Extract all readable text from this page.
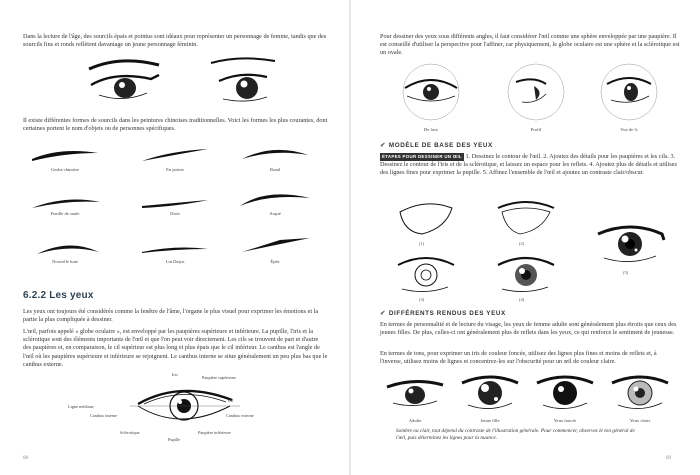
Dans la lecture de l'âge, des sourcils épais et pointus sont idéaux pour représenter un personnage de femme, tandis que des sourcils fins et ronds reflètent davantage un jeune personnage féminin.

Il existe différentes formes de sourcils dans les peintures chinoises traditionnelles. Voici les formes les plus courantes, dont certaines portent le nom d'objets ou de personnes spécifiques.

Gesha chinoise	En pointe	Rond
Feuille de saule	Droit	Arqué
Nouvelle lune	Lin Daiyu	Épée
6.2.2 Les yeux

Les yeux ont toujours été considérés comme la fenêtre de l'âme, l'organe le plus visuel pour exprimer les émotions et la partie la plus compliquée à dessiner.

L'œil, parfois appelé « globe oculaire », est enveloppé par les paupières supérieure et inférieure. La pupille, l'iris et la sclérotique sont des éléments importants de l'œil et que l'on peut voir directement. Les cils se trouvent de part et d'autre des paupières et, en comparaison, le cil supérieur est plus long et plus épais que le cil inférieur. Le canthus est l'angle de l'œil où les paupières supérieure et inférieure se rejoignent. Le canthus interne se situe généralement un peu plus bas que le canthus externe.

Iris
Paupière supérieure
Cil
Ligne médiane
Canthus interne	Canthus externe
Sclérotique	Paupière inférieure
Pupille
68

Pour dessiner des yeux sous différents angles, il faut considérer l'œil comme une sphère enveloppée par une paupière. Il est conseillé d'utiliser la perspective pour l'affiner, car physiquement, le globe oculaire est une sphère et la sclérotique est un ovale.

De face	Profil	Vue de ¾
✔ MODÈLE DE BASE DES YEUX

ÉTAPES POUR DESSINER UN ŒIL 1. Dessinez le contour de l'œil. 2. Ajoutez des détails pour les paupières et les cils. 3. Dessinez le contour de l'iris et de la sclérotique, et laissez un espace pour les reflets. 4. Ajoutez plus de détails et utilisez des lignes fines pour exprimer la pupille. 5. Affinez l'ensemble de l'œil et ajoutez un contraste clair/obscur.

(1)	(2)
(3)	(4)
(5)
✔ DIFFÉRENTS RENDUS DES YEUX

En termes de personnalité et de lecture du visage, les yeux de femme adulte sont généralement plus étroits que ceux des jeunes filles. De plus, celles-ci ont généralement plus de reflets dans les yeux, ce qui renforce le sentiment de jeunesse.

En termes de tons, pour exprimer un iris de couleur foncée, utilisez des lignes plus fines et moins de reflets et, à l'inverse, utilisez moins de lignes et concentrez-les sur l'obscurité pour un œil de couleur claire.

Adulte	Jeune fille	Yeux foncés	Yeux clairs

Sombre ou clair, tout dépend du contraste de l'illustration générale. Pour commencer, observez le ton général de l'œil, puis déterminez les lignes pour la nuance.

69
